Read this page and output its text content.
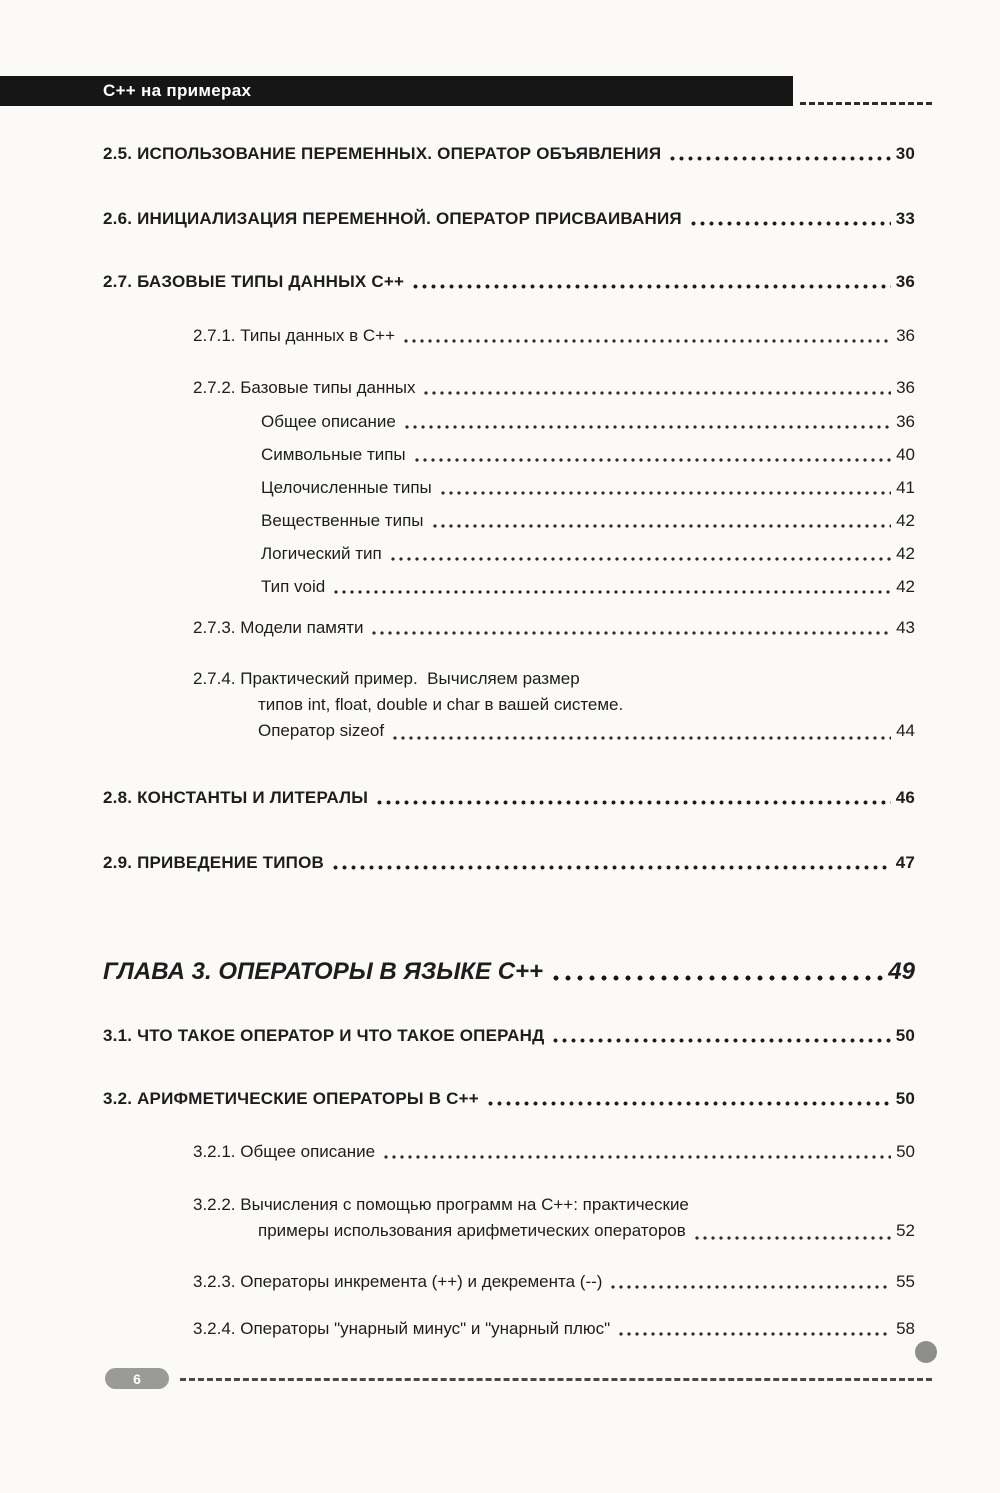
C++ на примерах
2.5. ИСПОЛЬЗОВАНИЕ ПЕРЕМЕННЫХ. ОПЕРАТОР ОБЪЯВЛЕНИЯ	30
2.6. ИНИЦИАЛИЗАЦИЯ ПЕРЕМЕННОЙ. ОПЕРАТОР ПРИСВАИВАНИЯ	33
2.7. БАЗОВЫЕ ТИПЫ ДАННЫХ C++	36
2.7.1. Типы данных в C++	36
2.7.2. Базовые типы данных	36
Общее описание	36
Символьные типы	40
Целочисленные типы	41
Вещественные типы	42
Логический тип	42
Тип void	42
2.7.3. Модели памяти	43
2.7.4. Практический пример.  Вычисляем размер
типов int, float, double и char в вашей системе.
Оператор sizeof	44
2.8. КОНСТАНТЫ И ЛИТЕРАЛЫ	46
2.9. ПРИВЕДЕНИЕ ТИПОВ	47
ГЛАВА 3. ОПЕРАТОРЫ В ЯЗЫКЕ C++	49
3.1. ЧТО ТАКОЕ ОПЕРАТОР И ЧТО ТАКОЕ ОПЕРАНД	50
3.2. АРИФМЕТИЧЕСКИЕ ОПЕРАТОРЫ В C++	50
3.2.1. Общее описание	50
3.2.2. Вычисления с помощью программ на C++: практические
примеры использования арифметических операторов	52
3.2.3. Операторы инкремента (++) и декремента (--)	55
3.2.4. Операторы "унарный минус" и "унарный плюс"	58
6
